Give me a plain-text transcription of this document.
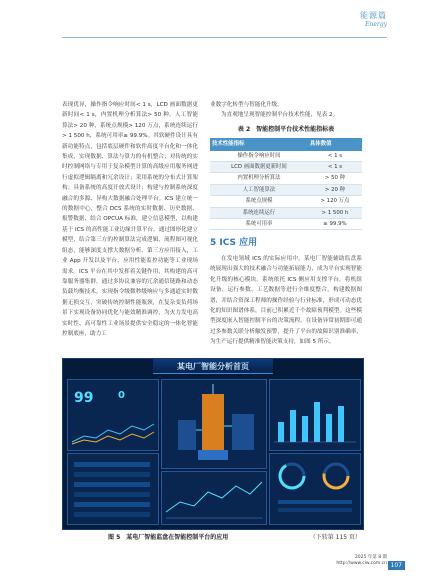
能源篇
Energy

表现优异，操作指令响应时间< 1 s，LCD 画面数据更新时间< 1 s，内置机理分析算法> 50 种，人工智能算法> 20 种，系统点规模> 120 万点，系统连续运行> 1 500 h，系统可用率≥ 99.9%。其软硬件设计具有新功能特点，包括底层硬件和软件高度平台化和一体化集成，实现数据、算法与算力的有机整合；对传统的实时控制网络与专用于复杂模型计算的高级应用服务网进行虚拟逻辑隔离和冗余设计；采用系统的分布式计算架构；具备系统的高度开放式设计；构建与控制系统深度融合的多源、异构大数据融合处理平台。ICS 建立统一的数据中心，整合 DCS 系统的实时数据、历史数据、报警数据，结合 OPCUA 标准，建立信息模型，以构建基于 ICS 的高性能工业边缘计算平台。通过图形化建立模型，结合第三方的控制算法完成逻辑，流程图可视化组态，能够深度支撑大数据分析、第三方应用接入，工业 App 开发以及平台、应用性能监控功能等工业现场需求。ICS 平台在其中发挥着关键作用，其构建的高可靠服务器集群，通过多协议兼容的冗余通信链路和动态负载均衡技术，实现指令级微秒级响应与多通道实时数据无损交互，突破传统控制性能瓶颈，在复杂变负荷场景下实现设备协同优化与能效精准调控，为火力发电高实时性、高可靠性工业场景提供安全稳定的一体化智能控制底座，助力工

业数字化转型与智能化升级。

为直观地呈现智能控制平台技术性能，见表 2。

表 2　智能控制平台技术性能指标表
技术性能指标	具体数值
操作指令响应时间	< 1 s
LCD 画面数据更新时间	< 1 s
内置机理分析算法	> 50 种
人工智能算法	> 20 种
系统点规模	> 120 万点
系统连续运行	> 1 500 h
系统可用率	≥ 99.9%
5 ICS 应用

在发电领域 ICS 的实际应用中，某电厂智能辅助监盘系统展现出强大的技术融合与功能拓展能力，成为平台实现智能化升级的核心模块。系统依托 ICS 侧应用支撑平台，将机组设备、运行参数、工艺数据等进行全维度整合，构建数据图谱，并结合资深工程师的操作经验与行业标准，形成可动态优化的知识图谱体系，目前已积累近千个故障预判模型。这些模型深度嵌入智能控制平台的决策流程，在设备异常初期即可通过多参数关联分析触发预警，提升了平台的故障识别准确率，为生产运行提供精准智能决策支持，如图 5 所示。

某电厂智能分析首页
99 0
图 5　某电厂智能监盘在智能控制平台的应用	（下转第 115 页）
2025 年第 8 期
http://www.ciw.com.cn 107
